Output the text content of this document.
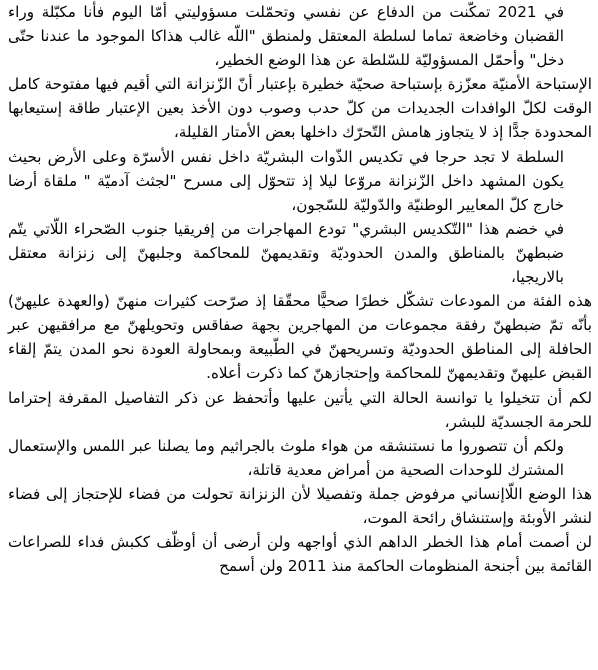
في 2021 تمكّنت من الدفاع عن نفسي وتحمّلت مسؤوليتي أمّا اليوم فأنا مكبّلة وراء القضبان وخاضعة تماما لسلطة المعتقل ولمنطق "اللّه غالب هذاكا الموجود ما عندنا حتّى دخل" وأحمّل المسؤوليّة للسّلطة عن هذا الوضع الخطير،

الإستباحة الأمنيّة معزّزة بإستباحة صحيّة خطيرة بإعتبار أنّ الزّنزانة التي أقيم فيها مفتوحة كامل الوقت لكلّ الوافدات الجديدات من كلّ حدب وصوب دون الأخذ بعين الإعتبار طاقة إستيعابها المحدودة جدًّا إذ لا يتجاوز هامش التّحرّك داخلها بعض الأمتار القليلة،

السلطة لا تجد حرجا في تكديس الذّوات البشريّة داخل نفس الأسرّة وعلى الأرض بحيث يكون المشهد داخل الزّنزانة مروّعا ليلا إذ تتحوّل إلى مسرح "لجثث آدميّة " ملقاة أرضا خارج كلّ المعايير الوطنيّة والدّوليّة للسّجون،

في خضم هذا "التّكديس البشري" تودع المهاجرات من إفريقيا جنوب الصّحراء اللّاتي يتّم ضبطهنّ بالمناطق والمدن الحدوديّة وتقديمهنّ للمحاكمة وجلبهنّ إلى زنزانة معتقل بالاريجيا،

هذه الفئة من المودعات تشكّل خطرًا صحيًّا محقّقا إذ صرّحت كثيرات منهنّ (والعهدة عليهنّ) بأنّه تمّ ضبطهنّ رفقة مجموعات من المهاجرين بجهة صفاقس وتحويلهنّ مع مرافقيهن عبر الحافلة إلى المناطق الحدوديّة وتسريحهنّ في الطّبيعة وبمحاولة العودة نحو المدن يتمّ إلقاء القبض عليهنّ وتقديمهنّ للمحاكمة وإحتجازهنّ كما ذكرت أعلاه.

لكم أن تتخيلوا يا توانسة الحالة التي يأتين عليها وأتحفظ عن ذكر التفاصيل المقرفة إحتراما للحرمة الجسديّة للبشر،

ولكم أن تتصوروا ما نستنشقه من هواء ملوث بالجراثيم وما يصلنا عبر اللمس والإستعمال المشترك للوحدات الصحية من أمراض معدية قاتلة،

هذا الوضع اللّاإنساني مرفوض جملة وتفصيلا لأن الزنزانة تحولت من فضاء للإحتجاز إلى فضاء لنشر الأوبئة وإستنشاق رائحة الموت،

لن أصمت أمام هذا الخطر الداهم الذي أواجهه ولن أرضى أن أوظّف ككبش فداء للصراعات القائمة بين أجنحة المنظومات الحاكمة منذ 2011 ولن أسمح
